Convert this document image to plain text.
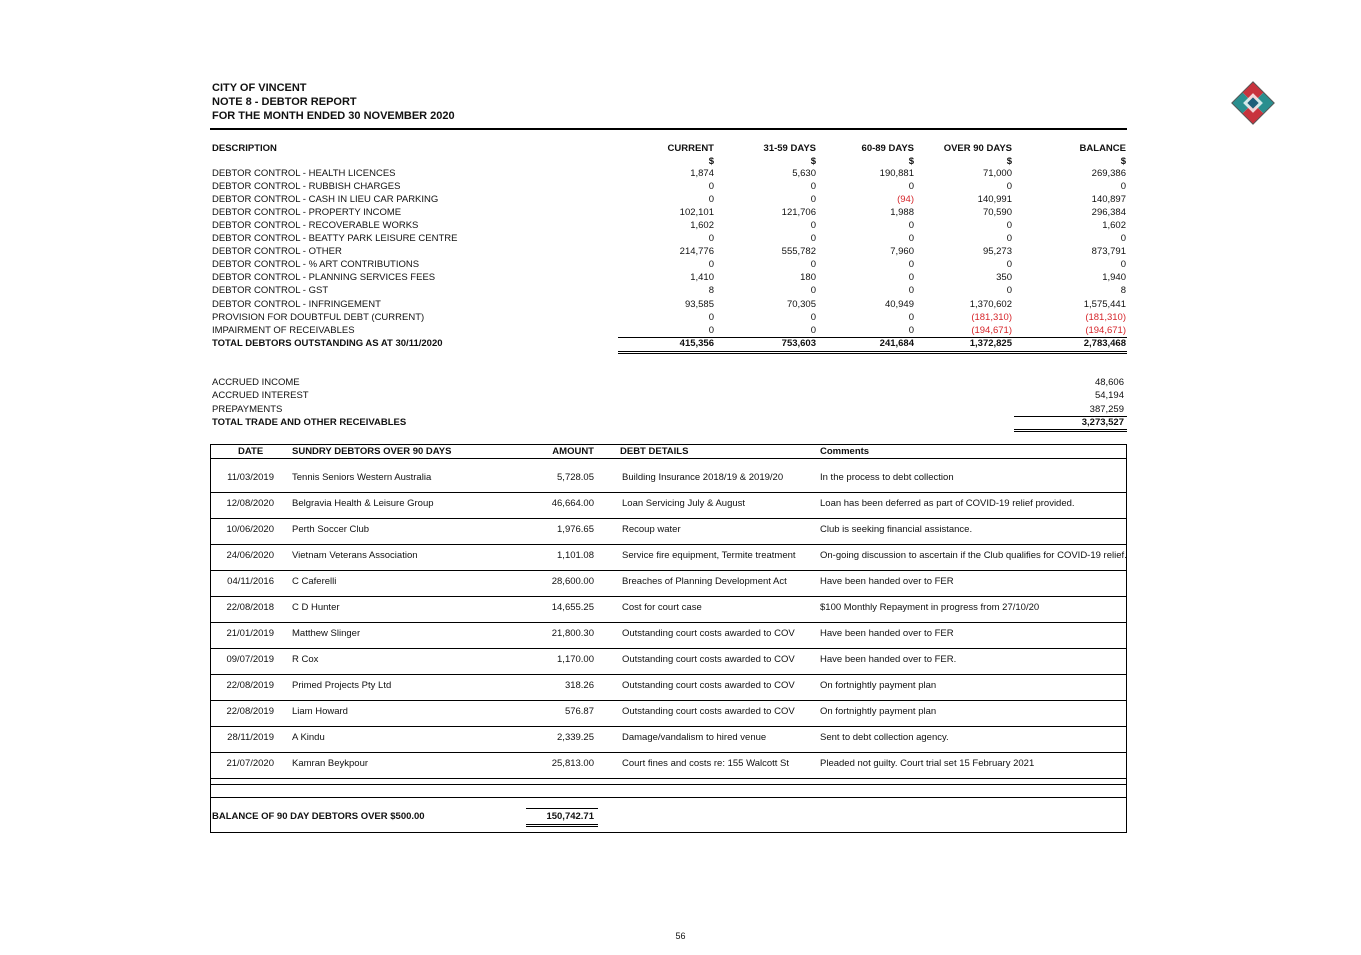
CITY OF VINCENT
NOTE 8 - DEBTOR REPORT
FOR THE MONTH ENDED 30 NOVEMBER 2020
DESCRIPTION	CURRENT	31-59 DAYS	60-89 DAYS	OVER 90 DAYS	BALANCE
$	$	$	$	$
DEBTOR CONTROL - HEALTH LICENCES	1,874	5,630	190,881	71,000	269,386
DEBTOR CONTROL - RUBBISH CHARGES	0	0	0	0	0
DEBTOR CONTROL - CASH IN LIEU CAR PARKING	0	0	(94)	140,991	140,897
DEBTOR CONTROL - PROPERTY INCOME	102,101	121,706	1,988	70,590	296,384
DEBTOR CONTROL - RECOVERABLE WORKS	1,602	0	0	0	1,602
DEBTOR CONTROL - BEATTY PARK LEISURE CENTRE	0	0	0	0	0
DEBTOR CONTROL - OTHER	214,776	555,782	7,960	95,273	873,791
DEBTOR CONTROL - % ART CONTRIBUTIONS	0	0	0	0	0
DEBTOR CONTROL - PLANNING SERVICES FEES	1,410	180	0	350	1,940
DEBTOR CONTROL - GST	8	0	0	0	8
DEBTOR CONTROL - INFRINGEMENT	93,585	70,305	40,949	1,370,602	1,575,441
PROVISION FOR DOUBTFUL DEBT (CURRENT)	0	0	0	(181,310)	(181,310)
IMPAIRMENT OF RECEIVABLES	0	0	0	(194,671)	(194,671)
TOTAL DEBTORS OUTSTANDING AS AT 30/11/2020	415,356	753,603	241,684	1,372,825	2,783,468
ACCRUED INCOME	48,606
ACCRUED INTEREST	54,194
PREPAYMENTS	387,259
TOTAL TRADE AND OTHER RECEIVABLES	3,273,527
DATE	SUNDRY DEBTORS OVER 90 DAYS	AMOUNT	DEBT DETAILS	Comments
11/03/2019 Tennis Seniors Western Australia	5,728.05	Building Insurance 2018/19 & 2019/20	In the process to debt collection
12/08/2020 Belgravia Health & Leisure Group	46,664.00	Loan Servicing July & August	Loan has been deferred as part of COVID-19 relief provided.
10/06/2020 Perth Soccer Club	1,976.65	Recoup water	Club is seeking financial assistance.
24/06/2020 Vietnam Veterans Association	1,101.08	Service fire equipment, Termite treatment	On-going discussion to ascertain if the Club qualifies for COVID-19 relief.
04/11/2016 C Caferelli	28,600.00	Breaches of Planning Development Act	Have been handed over to FER
22/08/2018 C D Hunter	14,655.25	Cost for court case	$100 Monthly Repayment in progress from 27/10/20
21/01/2019 Matthew Slinger	21,800.30	Outstanding court costs awarded to COV	Have been handed over to FER
09/07/2019 R Cox	1,170.00	Outstanding court costs awarded to COV	Have been handed over to FER.
22/08/2019 Primed Projects Pty Ltd	318.26	Outstanding court costs awarded to COV	On fortnightly payment plan
22/08/2019 Liam Howard	576.87	Outstanding court costs awarded to COV	On fortnightly payment plan
28/11/2019 A Kindu	2,339.25	Damage/vandalism to hired venue	Sent to debt collection agency.
21/07/2020 Kamran Beykpour	25,813.00	Court fines and costs re: 155 Walcott St	Pleaded not guilty. Court trial set 15 February 2021
BALANCE OF 90 DAY DEBTORS OVER $500.00	150,742.71
56
